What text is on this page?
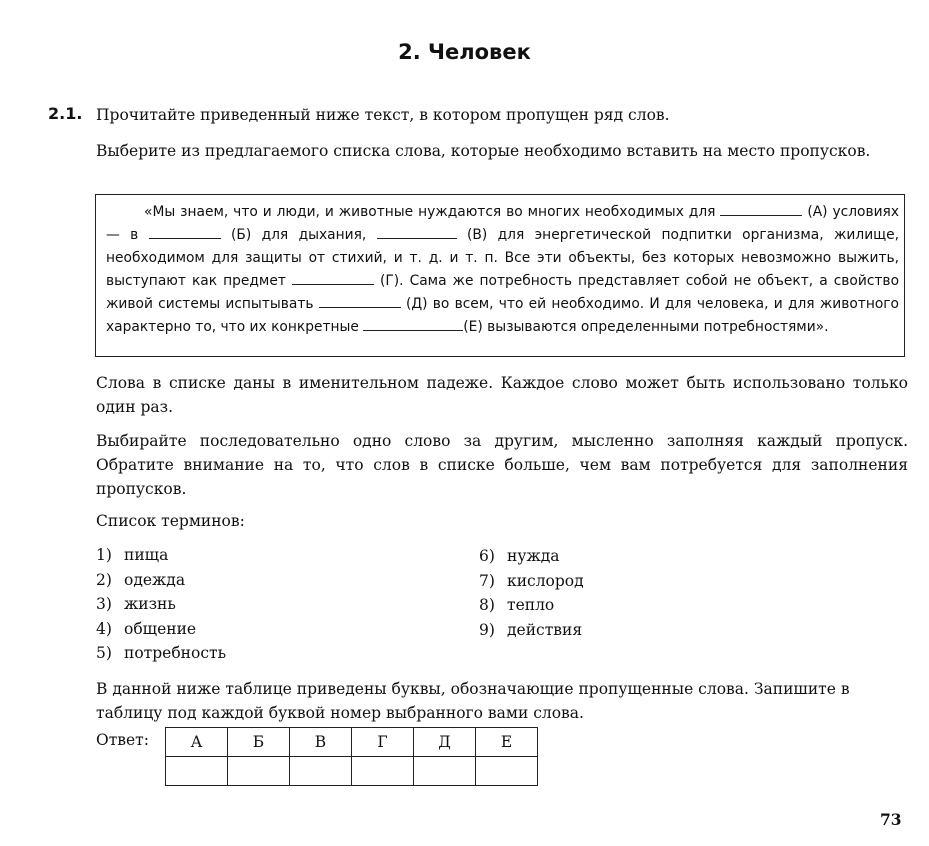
2. Человек
2.1. Прочитайте приведенный ниже текст, в котором пропущен ряд слов.
Выберите из предлагаемого списка слова, которые необходимо вставить на место пропусков.
«Мы знаем, что и люди, и животные нуждаются во многих необходимых для	(А) условиях — в	(Б) для дыхания,	(В) для энергетической подпитки организма, жилище, необходимом для защиты от стихий, и т. д. и т. п. Все эти объекты, без которых невозможно выжить, выступают как предмет	(Г). Сама же потребность представляет собой не объект, а свойство живой системы испытывать	(Д) во всем, что ей необходимо. И для человека, и для животного характерно то, что их конкретные	(Е) вызываются определенными потребностями».
Слова в списке даны в именительном падеже. Каждое слово может быть использовано только один раз.
Выбирайте последовательно одно слово за другим, мысленно заполняя каждый пропуск. Обратите внимание на то, что слов в списке больше, чем вам потребуется для заполнения пропусков.
Список терминов:
1) пища
2) одежда
3) жизнь
4) общение
5) потребность
6) нужда
7) кислород
8) тепло
9) действия
В данной ниже таблице приведены буквы, обозначающие пропущенные слова. Запишите в таблицу под каждой буквой номер выбранного вами слова.
Ответ:	А	Б	В	Г	Д	Е

73
